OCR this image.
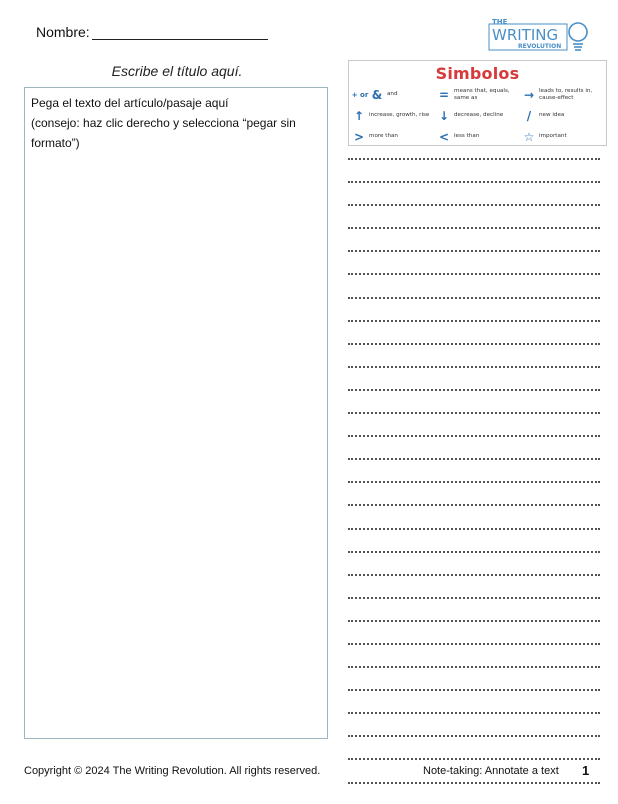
Nombre:
THE
WRITING
REVOLUTION
Escribe el título aquí.

Pega el texto del artículo/pasaje aquí

(consejo: haz clic derecho y selecciona “pegar sin formato”)

Simbolos
+ or & and	= means that, equals, same as	→ leads to, results in, cause-effect
↑ increase, growth, rise ↓ decrease, decline	/	new idea
> more than	< less than	☆ important
Copyright © 2024 The Writing Revolution. All rights reserved.	Note-taking: Annotate a text 1
